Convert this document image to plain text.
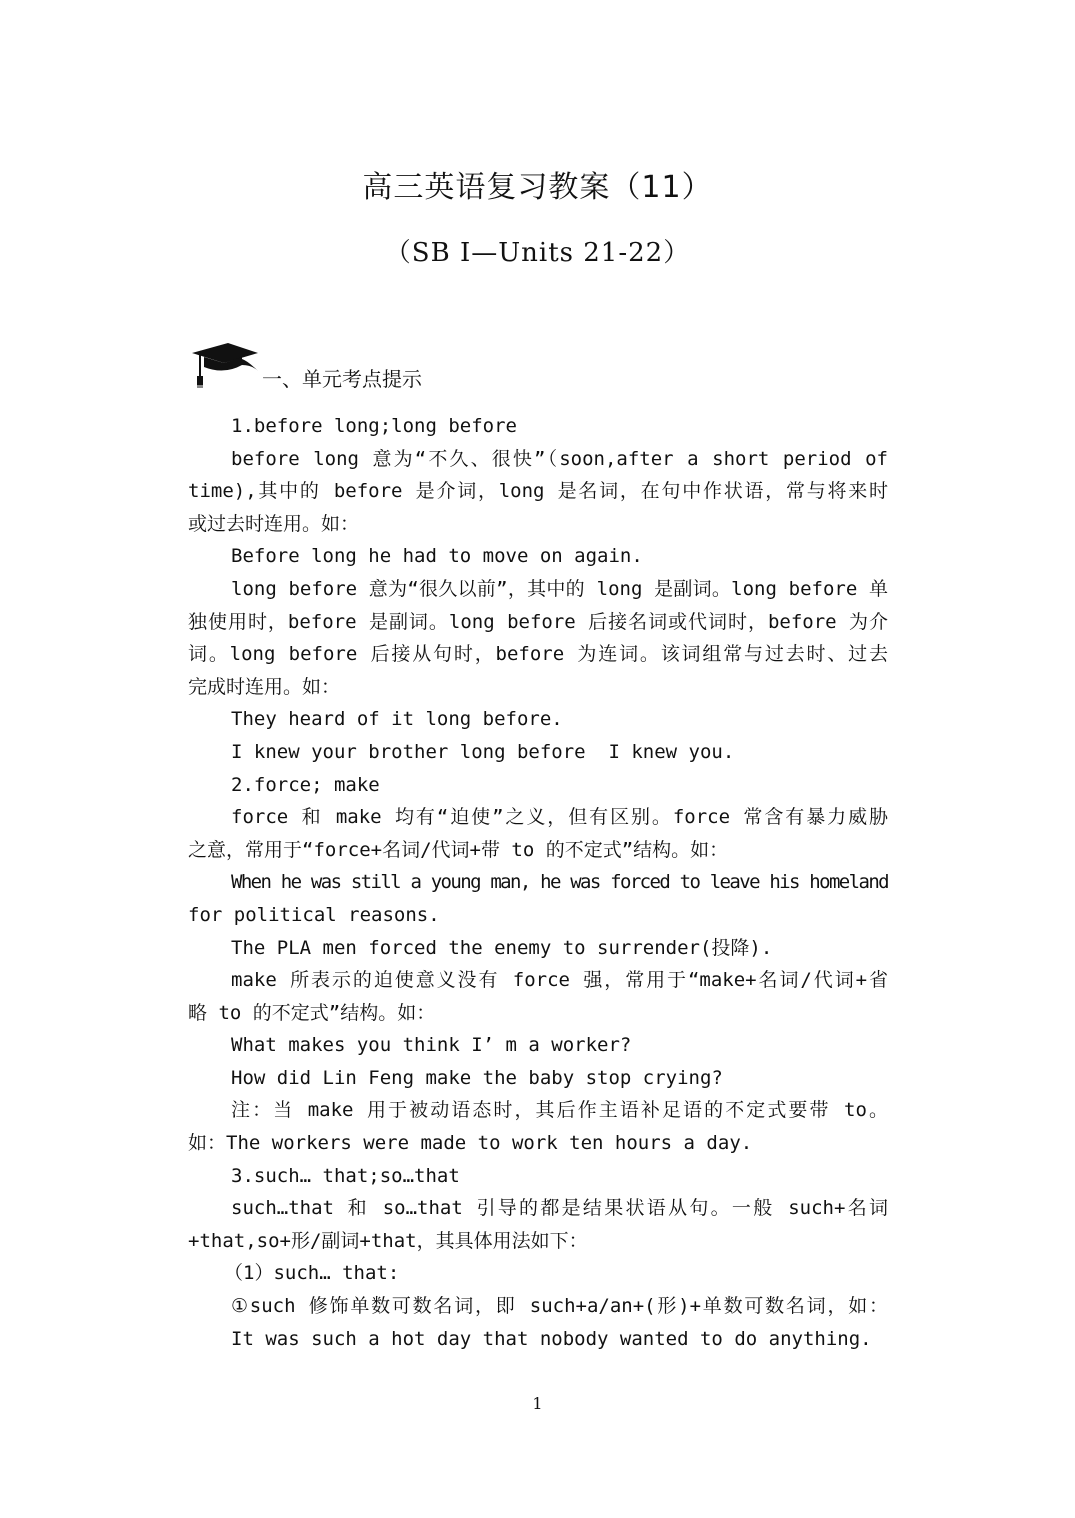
高三英语复习教案（11）
（SB I—Units 21-22）
一、单元考点提示
1.before long;long before
before long 意为“不久、很快”（soon,after a short period of
time),其中的 before 是介词，long 是名词，在句中作状语，常与将来时
或过去时连用。如：
Before long he had to move on again.
long before 意为“很久以前”，其中的 long 是副词。long before 单
独使用时，before 是副词。long before 后接名词或代词时，before 为介
词。long before 后接从句时，before 为连词。该词组常与过去时、过去
完成时连用。如：
They heard of it long before.
I knew your brother long before  I knew you.
2.force; make
force 和 make 均有“迫使”之义，但有区别。force 常含有暴力威胁
之意，常用于“force+名词/代词+带 to 的不定式”结构。如：
When he was still a young man, he was forced to leave his homeland
for political reasons.
The PLA men forced the enemy to surrender(投降).
make 所表示的迫使意义没有 force 强，常用于“make+名词/代词+省
略 to 的不定式”结构。如：
What makes you think I’ m a worker?
How did Lin Feng make the baby stop crying?
注：当 make 用于被动语态时，其后作主语补足语的不定式要带 to。
如：The workers were made to work ten hours a day.
3.such… that;so…that
such…that 和 so…that 引导的都是结果状语从句。一般 such+名词
+that,so+形/副词+that，其具体用法如下：
（1）such… that:
①such 修饰单数可数名词，即 such+a/an+(形)+单数可数名词，如：
It was such a hot day that nobody wanted to do anything.
1
